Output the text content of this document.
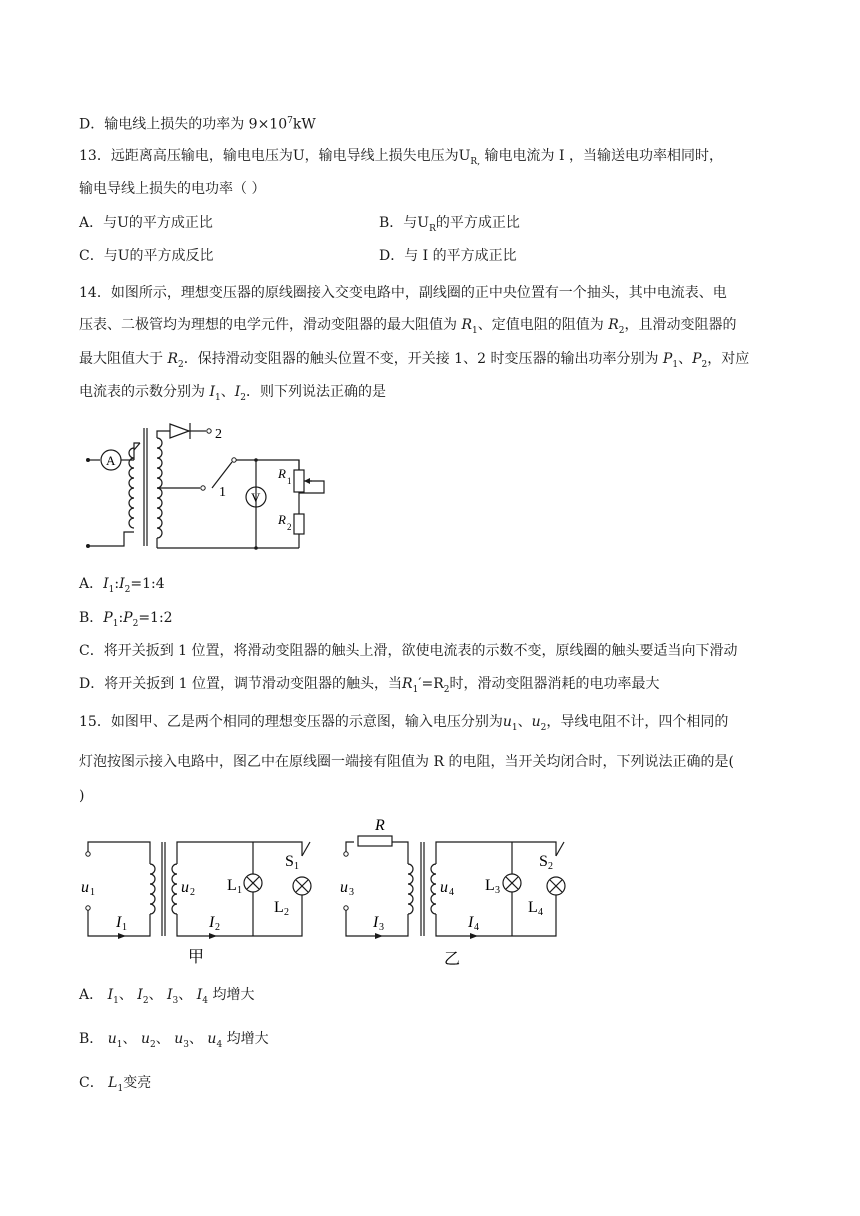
D．输电线上损失的功率为 $9\times 10^7kW$
13．远距离高压输电，输电电压为U，输电导线上损失电压为$U_{R,}$ 输电电流为 I ，当输送电功率相同时，
输电导线上损失的电功率（ ）
A．与U的平方成正比	B．与$U_R$的平方成正比
C．与U的平方成反比	D．与 I 的平方成正比
14．如图所示，理想变压器的原线圈接入交变电路中，副线圈的正中央位置有一个抽头，其中电流表、电
压表、二极管均为理想的电学元件，滑动变阻器的最大阻值为 $R_1$、定值电阻的阻值为 $R_2$，且滑动变阻器的
最大阻值大于 $R_2$．保持滑动变阻器的触头位置不变，开关接 1、2 时变压器的输出功率分别为 $P_1$、$P_2$，对应
电流表的示数分别为 $I_1$、$I_2$．则下列说法正确的是
A
V
2
1
R 1
R 2
A．$I_1:I_2=1:4$
B．$P_1:P_2=1:2$
C．将开关扳到 1 位置，将滑动变阻器的触头上滑，欲使电流表的示数不变，原线圈的触头要适当向下滑动
D．将开关扳到 1 位置，调节滑动变阻器的触头，当$R_1'=R_2$时，滑动变阻器消耗的电功率最大
15．如图甲、乙是两个相同的理想变压器的示意图，输入电压分别为$u_1$、$u_2$，导线电阻不计，四个相同的
灯泡按图示接入电路中，图乙中在原线圈一端接有阻值为 R 的电阻，当开关均闭合时，下列说法正确的是(
)
u 1
I 1
u 2
I 2
L 1
L 2
S 1
甲
R
u 3
I 3
u 4
I 4
L 3
L 4
S 2
乙
A． $I_1$、 $I_2$、 $I_3$、 $I_4$ 均增大
B． $u_1$、 $u_2$、 $u_3$、 $u_4$ 均增大
C． $L_1$变亮
